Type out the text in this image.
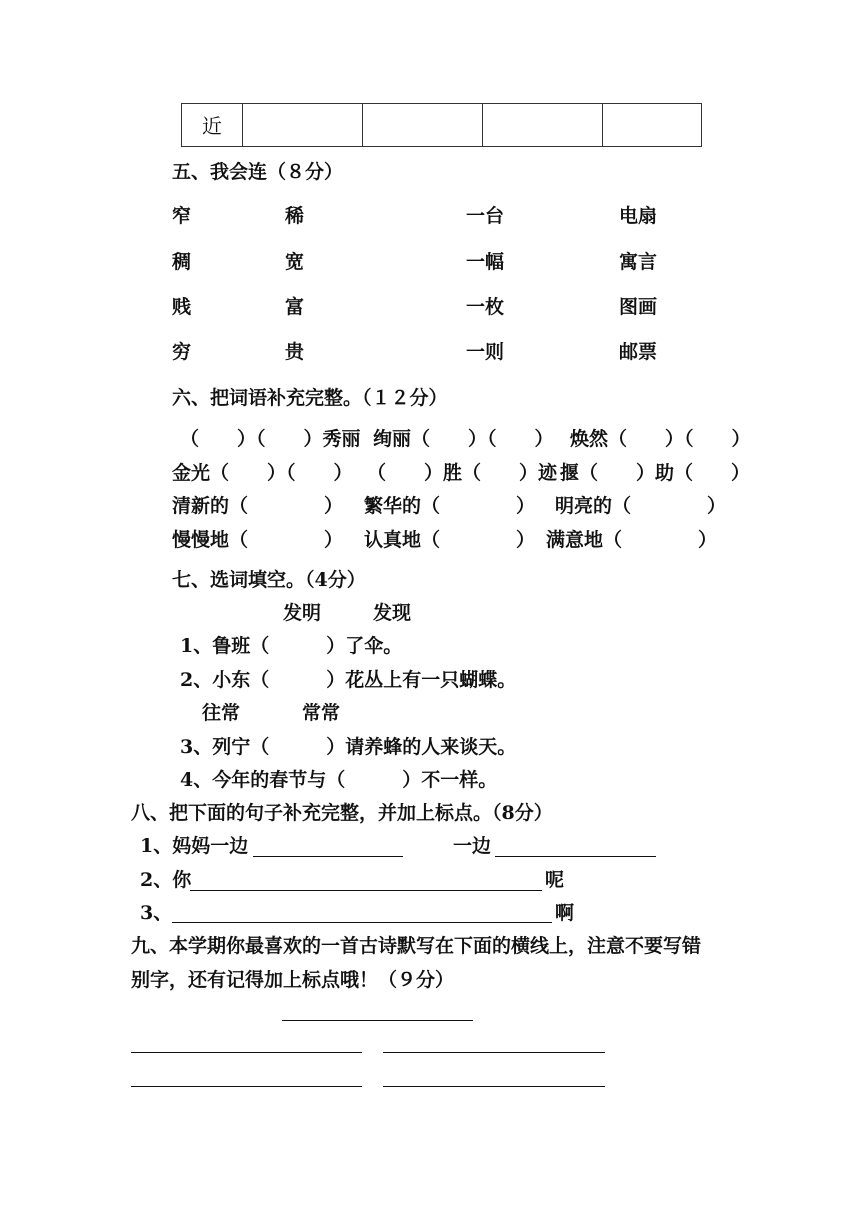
近
五、我会连（８分）
窄	稀	一台	电扇
稠	宽	一幅	寓言
贱	富	一枚	图画
穷	贵	一则	邮票
六、把词语补充完整。（１２分）
（　　）（　　）秀丽 绚丽（　　）（　　） 焕然（　　）（　　）
金光（　　）（　　） （　　）胜（　　）迹 揠（　　）助（　　）
清新的（　　　　） 繁华的（　　　　） 明亮的（　　　　）
慢慢地（　　　　） 认真地（　　　　） 满意地（　　　　）
七、选词填空。（4分）
发明	发现
1、鲁班（　　　）了伞。
2、小东（　　　）花丛上有一只蝴蝶。
往常	常常
3、列宁（　　　）请养蜂的人来谈天。
4、今年的春节与（　　　）不一样。
八、把下面的句子补充完整，并加上标点。（8分）
1、妈妈一边	一边
2、你	呢
3、	啊
九、本学期你最喜欢的一首古诗默写在下面的横线上，注意不要写错
别字，还有记得加上标点哦！（９分）
